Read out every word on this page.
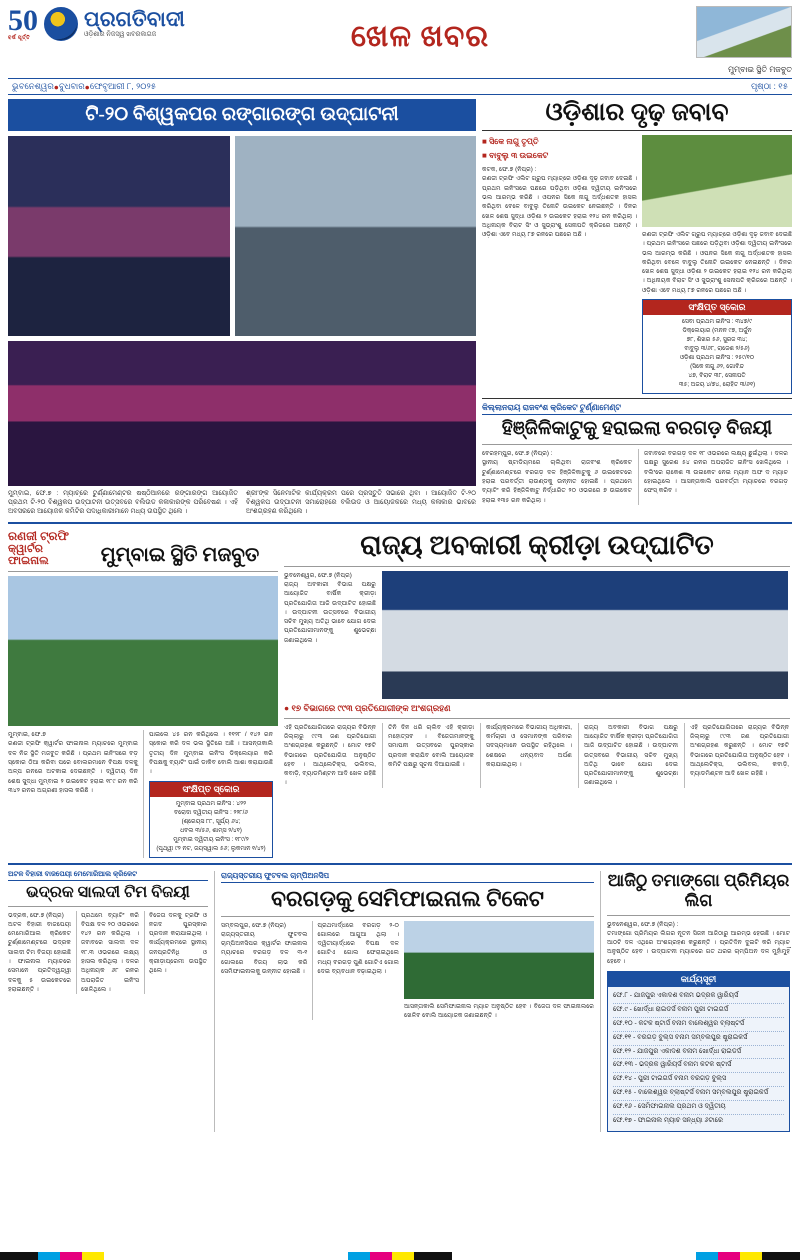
50
ବର୍ଷ ପୂର୍ତ୍ତି
ପ୍ରଗତିବାଦୀ
ଓଡ଼ିଶାର ନିଜସ୍ୱ ଖବରକାଗଜ	ଖେଳ ଖବର
ମୁମ୍ବାଇ ସ୍ଥିତି ମଜବୁତ
ଭୁବନେଶ୍ୱର ● ବୁଧବାର ● ଫେବୃଆରୀ ୮, ୨୦୨୫	ପୃଷ୍ଠା : ୧୫
ଟି-୨୦ ବିଶ୍ୱକପର ରଙ୍ଗାରଙ୍ଗ ଉଦ୍‌ଘାଟନୀ
ମୁମ୍ବାଇ, ଫେ.୭ : ମ୍ୟାଚ୍‌ରେ ଟୁର୍ଣ୍ଣାମେଣ୍ଟର ଷଷ୍ଠିଆନରେ ରଙ୍ଗାରଙ୍ଗ ଆୟୋଜିତ ପ୍ରଥମ ଟି-୨୦ ବିଶ୍ୱକପ ଉଦ୍‌ଘାଟନୀ ଉତ୍ସବରେ ବଲିଉଡ କଳାକାରଙ୍କ ପରିବେଷଣ । ଏହି ଅବସରରେ ଆୟୋଜକ କମିଟିର ପଦାଧିକାରୀମାନେ ମଧ୍ୟ ଉପସ୍ଥିତ ଥିଲେ ।
ଶ୍ରୀ'ଙ୍କ ସିନେମାଟିକ କାର୍ଯ୍ୟକ୍ରମ ପରେ ପ୍ରସ୍ତୁତି ସଭାରେ ଥିବା । ଆୟୋଜିତ ଟି-୨୦ ବିଶ୍ୱକପ ଉଦ୍‌ଘାଟନୀ ସମାରୋହରେ ବଲିଉଡ ଓ ଆୟୋଜକରେ ମଧ୍ୟ କଳାକାର ଭାବରେ ଅଂଶଗ୍ରହଣ କରିଥିଲେ ।
ଓଡ଼ିଶାର ଦୃଢ଼ ଜବାବ
■ ସିକେ ନାଗୁ ତୃପ୍ତି
■ ବାବୁଲୁ ୩ ଉଇକେଟ
କଟକ, ଫେ.୭ (ନିପ୍ର) :
ରଣଜୀ ଟ୍ରଫି ଏଲିଟ ଗ୍ରୁପ ମ୍ୟାଚ୍‌ରେ ଓଡ଼ିଶା ଦୃଢ଼ ଜବାବ ଦେଇଛି । ପ୍ରଥମ ଇନିଂସରେ ପଛରେ ପଡ଼ିଥିବା ଓଡ଼ିଶା ଦ୍ୱିତୀୟ ଇନିଂସରେ ଭଲ ଆରମ୍ଭ କରିଛି । ଓପନର ସିକେ ନାଗୁ ଅର୍ଦ୍ଧଶତକ ହାସଲ କରିଥିବା ବେଳେ ବାବୁଲୁ ତିନୋଟି ଉଇକେଟ ନେଇଛନ୍ତି । ଦିନର ଖେଳ ଶେଷ ସୁଦ୍ଧା ଓଡ଼ିଶା ୨ ଉଇକେଟ ହରାଇ ୧୨୪ ରନ କରିଥିଲା । ଅଧିନାୟକ ବିରାଟ ସିଂ ଓ ସୁଭ୍ରାଂଶୁ ସେନାପତି କ୍ରିଜରେ ଅଛନ୍ତି । ଓଡ଼ିଶା ଏବେ ମଧ୍ୟ ୮୭ ରନରେ ପଛରେ ଅଛି ।	ରଣଜୀ ଟ୍ରଫି ଏଲିଟ ଗ୍ରୁପ ମ୍ୟାଚ୍‌ରେ ଓଡ଼ିଶା ଦୃଢ଼ ଜବାବ ଦେଇଛି । ପ୍ରଥମ ଇନିଂସରେ ପଛରେ ପଡ଼ିଥିବା ଓଡ଼ିଶା ଦ୍ୱିତୀୟ ଇନିଂସରେ ଭଲ ଆରମ୍ଭ କରିଛି । ଓପନର ସିକେ ନାଗୁ ଅର୍ଦ୍ଧଶତକ ହାସଲ କରିଥିବା ବେଳେ ବାବୁଲୁ ତିନୋଟି ଉଇକେଟ ନେଇଛନ୍ତି । ଦିନର ଖେଳ ଶେଷ ସୁଦ୍ଧା ଓଡ଼ିଶା ୨ ଉଇକେଟ ହରାଇ ୧୨୪ ରନ କରିଥିଲା । ଅଧିନାୟକ ବିରାଟ ସିଂ ଓ ସୁଭ୍ରାଂଶୁ ସେନାପତି କ୍ରିଜରେ ଅଛନ୍ତି । ଓଡ଼ିଶା ଏବେ ମଧ୍ୟ ୮୭ ରନରେ ପଛରେ ଅଛି ।
ସଂକ୍ଷିପ୍ତ ସ୍କୋର
ସେବା ପ୍ରଥମ ଇନିଂସ : ୩୪୭/୯
ଡିକ୍ଲେୟାର (ମନନ ୯୭, ଅର୍ଜୁନ
୭୮, ଶିଖର ୫୬, ସୁରଜ ୩୪;
ବାବୁଲୁ ୩/୬୮, ରାଜେଶ ୨/୫୬)
ଓଡ଼ିଶା ପ୍ରଥମ ଇନିଂସ : ୨୫୯/୧୦
(ସିକେ ନାଗୁ ୬୨, ଗୋବିନ୍ଦ
୪୭, ବିରାଟ ୩୮, ସେନାପତି
୩୫; ଅଜୟ ୪/୭୪, ରୋହିତ ୩/୬୧)
କିଲ୍ଲାନରାୟ ରାଜବଂଶ କ୍ରିକେଟ ଟୁର୍ଣ୍ଣାମେଣ୍ଟ
ହିଞ୍ଜିଳିକାଟୁକୁ ହରାଇଲା ବରଗଡ଼ ବିଜୟୀ
ବେରହମ୍ପୁର, ଫେ.୭ (ନିପ୍ର) :
ସ୍ଥାନୀୟ ଷ୍ଟାଡିୟମରେ ଚାଲିଥିବା ରାଜବଂଶ କ୍ରିକେଟ ଟୁର୍ଣ୍ଣାମେଣ୍ଟରେ ବରଗଡ଼ ଦଳ ହିଞ୍ଜିଳିକାଟୁକୁ ୬ ଉଇକେଟରେ ହରାଇ ପରବର୍ତ୍ତୀ ରାଉଣ୍ଡକୁ ଉନ୍ନୀତ ହୋଇଛି । ପ୍ରଥମେ ବ୍ୟାଟିଂ କରି ହିଞ୍ଜିଳିକାଟୁ ନିର୍ଦ୍ଧାରିତ ୨୦ ଓଭରରେ ୭ ଉଇକେଟ ହରାଇ ୧୩୫ ରନ କରିଥିଲା ।
ଜବାବରେ ବରଗଡ଼ ଦଳ ୧୮ ଓଭରରେ ଲକ୍ଷ୍ୟ ଛୁଇଁଥିଲା । ଦଳର ପକ୍ଷରୁ ସୁରେଶ ୫୪ ରନର ଅପରାଜିତ ଇନିଂସ ଖେଳିଥିଲେ । ବଲିଂରେ ରାକେଶ ୩ ଉଇକେଟ ନେଇ ମ୍ୟାନ ଅଫ ଦ ମ୍ୟାଚ ହୋଇଥିଲେ । ଆସନ୍ତାକାଲି ପରବର୍ତ୍ତୀ ମ୍ୟାଚରେ ବରଗଡ଼ ଫେସ୍ କରିବ ।
ରଣଜୀ ଟ୍ରଫି
କ୍ୱାର୍ଟର ଫାଇନାଲ	ମୁମ୍ବାଇ ସ୍ଥିତି ମଜବୁତ
ମୁମ୍ବାଇ, ଫେ.୭
ରଣଜୀ ଟ୍ରଫି କ୍ୱାର୍ଟର ଫାଇନାଲ ମ୍ୟାଚରେ ମୁମ୍ବାଇ ଦଳ ନିଜ ସ୍ଥିତି ମଜବୁତ କରିଛି । ପ୍ରଥମ ଇନିଂସରେ ବଡ଼ ସ୍କୋର ଠିଆ କରିବା ପରେ ବୋଲରମାନେ ବିପକ୍ଷ ଦଳକୁ ଅଳ୍ପ ରନରେ ଅଟକାଇ ଦେଇଛନ୍ତି । ଦ୍ୱିତୀୟ ଦିନ ଶେଷ ସୁଦ୍ଧା ମୁମ୍ବାଇ ୨ ଉଇକେଟ ହରାଇ ୧୮୯ ରନ କରି ୩୪୨ ରନର ଅଗ୍ରଣୀ ହାସଲ କରିଛି ।
ପାଇଲେ ୪୫ ରନ କରିଥିଲେ । ୧୧୨୮ / ୧୪୨ ରନ ସ୍କୋର କରି ଦଳ ଭଲ ସ୍ଥିତିରେ ଅଛି । ଆସନ୍ତାକାଲି ତୃତୀୟ ଦିନ ମୁମ୍ବାଇ ଇନିଂସ ଡିକ୍ଲେୟାର କରି ବିପକ୍ଷକୁ ବ୍ୟାଟିଂ ପାଇଁ ଡାକିବ ବୋଲି ଆଶା କରାଯାଉଛି ।
ସଂକ୍ଷିପ୍ତ ସ୍କୋର
ମୁମ୍ବାଇ ପ୍ରଥମ ଇନିଂସ : ୪୨୨
ବରୋଦା ଦ୍ୱିତୀୟ ଇନିଂସ : ୨୨୮/୬
(ଶ୍ରେୟସ ୮୮, ସୂର୍ଯ୍ୟ ୬୪;
ଧବଲ ୩/୫୬, ଶାମ୍ସ ୨/୪୧)
ମୁମ୍ବାଇ ଦ୍ୱିତୀୟ ଇନିଂସ : ୧୮୯/୨
(ପୃଥ୍ୱୀ ୯୨ ନଟ, ଜୟସ୍ୱାଲ ୫୬; ଲୁକମାନ ୧/୪୨)
ରାଜ୍ୟ ଅବକାରୀ କ୍ରୀଡ଼ା ଉଦ୍‌ଘାଟିତ
ଭୁବନେଶ୍ୱର, ଫେ.୭ (ନିପ୍ର)
ରାଜ୍ୟ ଅବକାରୀ ବିଭାଗ ପକ୍ଷରୁ ଆୟୋଜିତ ବାର୍ଷିକ କ୍ରୀଡ଼ା ପ୍ରତିଯୋଗିତା ଆଜି ଉଦ୍‌ଘାଟିତ ହୋଇଛି । ଉଦ୍‌ଘାଟନୀ ଉତ୍ସବରେ ବିଭାଗୀୟ ସଚିବ ମୁଖ୍ୟ ଅତିଥି ଭାବେ ଯୋଗ ଦେଇ ପ୍ରତିଯୋଗୀମାନଙ୍କୁ ଶୁଭେଚ୍ଛା ଜଣାଇଥିଲେ ।
● ୧୭ ବିଭାଗରେ ୯୯୩ ପ୍ରତିଯୋଗୀଙ୍କ ଅଂଶଗ୍ରହଣ
ଏହି ପ୍ରତିଯୋଗିତାରେ ରାଜ୍ୟର ବିଭିନ୍ନ ଜିଲ୍ଲାରୁ ୯୯୩ ଜଣ ପ୍ରତିଯୋଗୀ ଅଂଶଗ୍ରହଣ କରୁଛନ୍ତି । ମୋଟ ୧୭ଟି ବିଭାଗରେ ପ୍ରତିଯୋଗିତା ଅନୁଷ୍ଠିତ ହେବ । ଆଥ୍‌ଲେଟିକ୍ସ, ଭଲିବଲ, କବାଡ଼ି, ବ୍ୟାଡମିଣ୍ଟନ ଆଦି ଖେଳ ରହିଛି ।
ତିନି ଦିନ ଧରି ଚାଲିବ ଏହି କ୍ରୀଡ଼ା ମହୋତ୍ସବ । ବିଜେତାମାନଙ୍କୁ ସମାପନୀ ଉତ୍ସବରେ ପୁରସ୍କାର ପ୍ରଦାନ କରାଯିବ ବୋଲି ଆୟୋଜକ କମିଟି ପକ୍ଷରୁ ସୂଚନା ଦିଆଯାଇଛି ।
କାର୍ଯ୍ୟକ୍ରମରେ ବିଭାଗୀୟ ଅଧିକାରୀ, କର୍ମଚାରୀ ଓ ସେମାନଙ୍କ ପରିବାର ସଦସ୍ୟମାନେ ଉପସ୍ଥିତ ରହିଥିଲେ । ଶେଷରେ ଧନ୍ୟବାଦ ଅର୍ପଣ କରାଯାଇଥିଲା ।
ରାଜ୍ୟ ଅବକାରୀ ବିଭାଗ ପକ୍ଷରୁ ଆୟୋଜିତ ବାର୍ଷିକ କ୍ରୀଡ଼ା ପ୍ରତିଯୋଗିତା ଆଜି ଉଦ୍‌ଘାଟିତ ହୋଇଛି । ଉଦ୍‌ଘାଟନୀ ଉତ୍ସବରେ ବିଭାଗୀୟ ସଚିବ ମୁଖ୍ୟ ଅତିଥି ଭାବେ ଯୋଗ ଦେଇ ପ୍ରତିଯୋଗୀମାନଙ୍କୁ ଶୁଭେଚ୍ଛା ଜଣାଇଥିଲେ ।
ଏହି ପ୍ରତିଯୋଗିତାରେ ରାଜ୍ୟର ବିଭିନ୍ନ ଜିଲ୍ଲାରୁ ୯୯୩ ଜଣ ପ୍ରତିଯୋଗୀ ଅଂଶଗ୍ରହଣ କରୁଛନ୍ତି । ମୋଟ ୧୭ଟି ବିଭାଗରେ ପ୍ରତିଯୋଗିତା ଅନୁଷ୍ଠିତ ହେବ । ଆଥ୍‌ଲେଟିକ୍ସ, ଭଲିବଲ, କବାଡ଼ି, ବ୍ୟାଡମିଣ୍ଟନ ଆଦି ଖେଳ ରହିଛି ।
ଅଟଳ ବିହାରୀ ବାଜପେୟୀ ମେମୋରିଆଲ କ୍ରିକେଟ
ଭଦ୍ରକ ସାଲଦୀ ଟିମ ବିଜୟୀ
ଭଦ୍ରକ, ଫେ.୭ (ନିପ୍ର)
ଅଟଳ ବିହାରୀ ବାଜପେୟୀ ମେମୋରିଆଲ କ୍ରିକେଟ ଟୁର୍ଣ୍ଣାମେଣ୍ଟରେ ଭଦ୍ରକ ସାଲଦୀ ଟିମ ବିଜୟୀ ହୋଇଛି । ଫାଇନାଲ ମ୍ୟାଚରେ ସେମାନେ ପ୍ରତିଦ୍ୱନ୍ଦ୍ୱୀ ଦଳକୁ ୫ ଉଇକେଟରେ ହରାଇଛନ୍ତି ।
ପ୍ରଥମେ ବ୍ୟାଟିଂ କରି ବିପକ୍ଷ ଦଳ ୨୦ ଓଭରରେ ୧୪୨ ରନ କରିଥିଲା । ଜବାବରେ ସାଲଦୀ ଦଳ ୧୮.୩ ଓଭରରେ ଲକ୍ଷ୍ୟ ହାସଲ କରିଥିଲା । ଦଳର ଅଧିନାୟକ ୬୮ ରନର ଅପରାଜିତ ଇନିଂସ ଖେଳିଥିଲେ ।
ବିଜେତା ଦଳକୁ ଟ୍ରଫି ଓ ନଗଦ ପୁରସ୍କାର ପ୍ରଦାନ କରାଯାଇଥିଲା । କାର୍ଯ୍ୟକ୍ରମରେ ସ୍ଥାନୀୟ ଜନପ୍ରତିନିଧି ଓ କ୍ରୀଡ଼ାପ୍ରେମୀ ଉପସ୍ଥିତ ଥିଲେ ।
ରାଜ୍ୟସ୍ତରୀୟ ଫୁଟବଲ ଚାମ୍ପିଅନସିପ
ବରଗଡ଼କୁ ସେମିଫାଇନାଲ ଟିକେଟ
ସମ୍ବଲପୁର, ଫେ.୭ (ନିପ୍ର)
ରାଜ୍ୟସ୍ତରୀୟ ଫୁଟବଲ ଚାମ୍ପିଅନସିପର କ୍ୱାର୍ଟର ଫାଇନାଲ ମ୍ୟାଚରେ ବରଗଡ଼ ଦଳ ୩-୧ ଗୋଲରେ ବିଜୟ ଲାଭ କରି ସେମିଫାଇନାଲକୁ ଉନ୍ନୀତ ହୋଇଛି ।
ପ୍ରଥମାର୍ଦ୍ଧରେ ବରଗଡ଼ ୨-୦ ଗୋଲରେ ଆଗୁଆ ଥିଲା । ଦ୍ୱିତୀୟାର୍ଦ୍ଧରେ ବିପକ୍ଷ ଦଳ ଗୋଟିଏ ଗୋଲ ଫେରାଇଥିଲେ ମଧ୍ୟ ବରଗଡ଼ ପୁଣି ଗୋଟିଏ ଗୋଲ ଦେଇ ବ୍ୟବଧାନ ବଢ଼ାଇଥିଲା ।
ଆସନ୍ତାକାଲି ସେମିଫାଇନାଲ ମ୍ୟାଚ ଅନୁଷ୍ଠିତ ହେବ । ବିଜେତା ଦଳ ଫାଇନାଲରେ ଖେଳିବ ବୋଲି ଆୟୋଜକ ଜଣାଇଛନ୍ତି ।
ଆଜିଠୁ ତମାଙ୍ଗୋ ପ୍ରିମିୟର ଲିଗ
ଭୁବନେଶ୍ୱର, ଫେ.୭ (ନିପ୍ର) :
ତମାଙ୍ଗୋ ପ୍ରିମିୟର ଲିଗର ନୂତନ ସିଜନ ଆଜିଠାରୁ ଆରମ୍ଭ ହେଉଛି । ମୋଟ ଆଠଟି ଦଳ ଏଥିରେ ଅଂଶଗ୍ରହଣ କରୁଛନ୍ତି । ପ୍ରତିଦିନ ଦୁଇଟି କରି ମ୍ୟାଚ ଅନୁଷ୍ଠିତ ହେବ । ଉଦ୍‌ଘାଟନୀ ମ୍ୟାଚରେ ଗତ ଥରର ଚାମ୍ପିଅନ ଦଳ ମୁହାଁମୁହିଁ ହେବେ ।
କାର୍ଯ୍ୟସୂଚୀ
ଫେ.୮ - ଯାଜପୁର ଏକାଦଶ ବନାମ ଭଦ୍ରକ ୱାରିୟର୍ସ
ଫେ.୯ - ଖୋର୍ଦ୍ଧା ରାଇଡର୍ସ ବନାମ ପୁରୀ ଟାଇଗର୍ସ
ଫେ.୧୦ - କଟକ ଷ୍ଟାର୍ସ ବନାମ ବାଲେଶ୍ୱର ବ୍ଲାଷ୍ଟର୍ସ
ଫେ.୧୧ - ବରଗଡ଼ ବୁଲ୍‌ସ ବନାମ ସମ୍ବଲପୁର ଷ୍ଟ୍ରାଇକର୍ସ
ଫେ.୧୨ - ଯାଜପୁର ଏକାଦଶ ବନାମ ଖୋର୍ଦ୍ଧା ରାଇଡର୍ସ
ଫେ.୧୩ - ଭଦ୍ରକ ୱାରିୟର୍ସ ବନାମ କଟକ ଷ୍ଟାର୍ସ
ଫେ.୧୪ - ପୁରୀ ଟାଇଗର୍ସ ବନାମ ବରଗଡ଼ ବୁଲ୍‌ସ
ଫେ.୧୫ - ବାଲେଶ୍ୱର ବ୍ଲାଷ୍ଟର୍ସ ବନାମ ସମ୍ବଲପୁର ଷ୍ଟ୍ରାଇକର୍ସ
ଫେ.୧୬ - ସେମିଫାଇନାଲ ପ୍ରଥମ ଓ ଦ୍ୱିତୀୟ
ଫେ.୧୭ - ଫାଇନାଲ ମ୍ୟାଚ ସନ୍ଧ୍ୟା ୬ଟାରେ
